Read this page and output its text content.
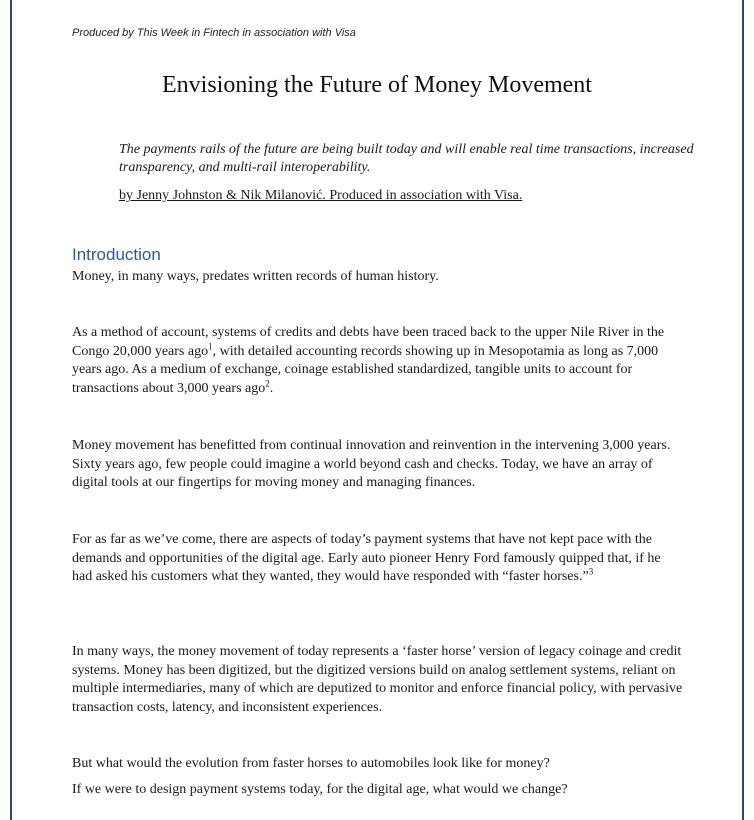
Produced by This Week in Fintech in association with Visa
Envisioning the Future of Money Movement
The payments rails of the future are being built today and will enable real time transactions, increased transparency, and multi-rail interoperability.
by Jenny Johnston & Nik Milanović. Produced in association with Visa.
Introduction

Money, in many ways, predates written records of human history.

As a method of account, systems of credits and debts have been traced back to the upper Nile River in the Congo 20,000 years ago$^1$, with detailed accounting records showing up in Mesopotamia as long as 7,000 years ago. As a medium of exchange, coinage established standardized, tangible units to account for transactions about 3,000 years ago$^2$.

Money movement has benefitted from continual innovation and reinvention in the intervening 3,000 years. Sixty years ago, few people could imagine a world beyond cash and checks. Today, we have an array of digital tools at our fingertips for moving money and managing finances.

For as far as we’ve come, there are aspects of today’s payment systems that have not kept pace with the demands and opportunities of the digital age. Early auto pioneer Henry Ford famously quipped that, if he had asked his customers what they wanted, they would have responded with “faster horses.”$^3$

In many ways, the money movement of today represents a ‘faster horse’ version of legacy coinage and credit systems. Money has been digitized, but the digitized versions build on analog settlement systems, reliant on multiple intermediaries, many of which are deputized to monitor and enforce financial policy, with pervasive transaction costs, latency, and inconsistent experiences.

But what would the evolution from faster horses to automobiles look like for money?

If we were to design payment systems today, for the digital age, what would we change?
